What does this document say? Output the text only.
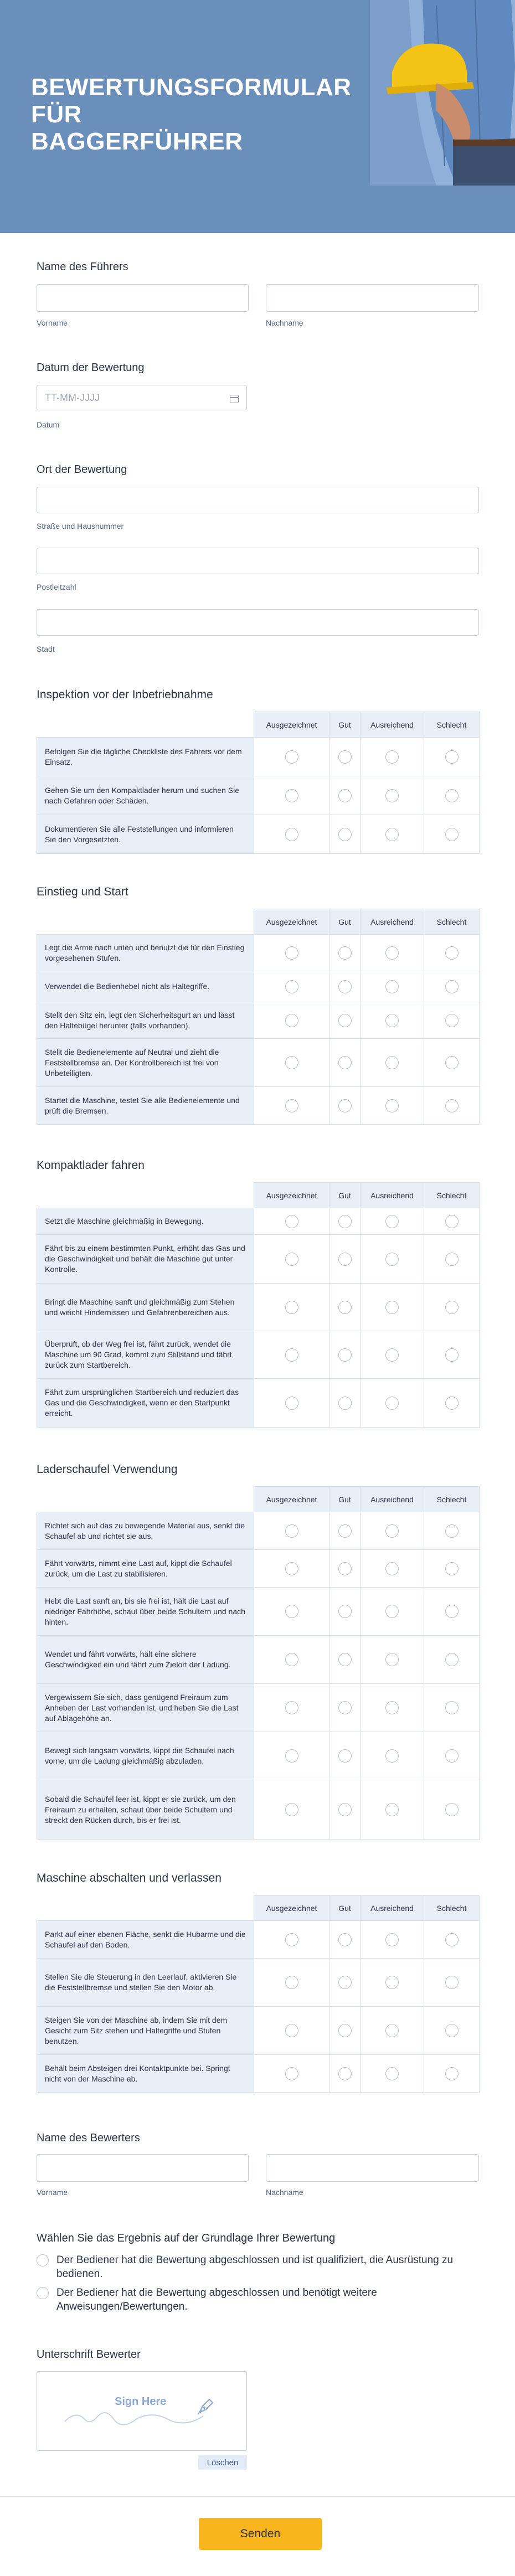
BEWERTUNGSFORMULAR FÜR BAGGERFÜHRER
Name des Führers
Vorname	Nachname
Datum der Bewertung
TT-MM-JJJJ
Datum
Ort der Bewertung
Straße und Hausnummer
Postleitzahl
Stadt
Inspektion vor der Inbetriebnahme
	Ausgezeichnet	Gut	Ausreichend	Schlecht
Befolgen Sie die tägliche Checkliste des Fahrers vor dem Einsatz.				
Gehen Sie um den Kompaktlader herum und suchen Sie nach Gefahren oder Schäden.				
Dokumentieren Sie alle Feststellungen und informieren Sie den Vorgesetzten.				
Einstieg und Start
	Ausgezeichnet	Gut	Ausreichend	Schlecht
Legt die Arme nach unten und benutzt die für den Einstieg vorgesehenen Stufen.				
Verwendet die Bedienhebel nicht als Haltegriffe.				
Stellt den Sitz ein, legt den Sicherheitsgurt an und lässt den Haltebügel herunter (falls vorhanden).				
Stellt die Bedienelemente auf Neutral und zieht die Feststellbremse an. Der Kontrollbereich ist frei von Unbeteiligten.				
Startet die Maschine, testet Sie alle Bedienelemente und prüft die Bremsen.				
Kompaktlader fahren
	Ausgezeichnet	Gut	Ausreichend	Schlecht
Setzt die Maschine gleichmäßig in Bewegung.				
Fährt bis zu einem bestimmten Punkt, erhöht das Gas und die Geschwindigkeit und behält die Maschine gut unter Kontrolle.				
Bringt die Maschine sanft und gleichmäßig zum Stehen und weicht Hindernissen und Gefahrenbereichen aus.				
Überprüft, ob der Weg frei ist, fährt zurück, wendet die Maschine um 90 Grad, kommt zum Stillstand und fährt zurück zum Startbereich.				
Fährt zum ursprünglichen Startbereich und reduziert das Gas und die Geschwindigkeit, wenn er den Startpunkt erreicht.				
Laderschaufel Verwendung
	Ausgezeichnet	Gut	Ausreichend	Schlecht
Richtet sich auf das zu bewegende Material aus, senkt die Schaufel ab und richtet sie aus.				
Fährt vorwärts, nimmt eine Last auf, kippt die Schaufel zurück, um die Last zu stabilisieren.				
Hebt die Last sanft an, bis sie frei ist, hält die Last auf niedriger Fahrhöhe, schaut über beide Schultern und nach hinten.				
Wendet und fährt vorwärts, hält eine sichere Geschwindigkeit ein und fährt zum Zielort der Ladung.				
Vergewissern Sie sich, dass genügend Freiraum zum Anheben der Last vorhanden ist, und heben Sie die Last auf Ablagehöhe an.				
Bewegt sich langsam vorwärts, kippt die Schaufel nach vorne, um die Ladung gleichmäßig abzuladen.				
Sobald die Schaufel leer ist, kippt er sie zurück, um den Freiraum zu erhalten, schaut über beide Schultern und streckt den Rücken durch, bis er frei ist.				
Maschine abschalten und verlassen
	Ausgezeichnet	Gut	Ausreichend	Schlecht
Parkt auf einer ebenen Fläche, senkt die Hubarme und die Schaufel auf den Boden.				
Stellen Sie die Steuerung in den Leerlauf, aktivieren Sie die Feststellbremse und stellen Sie den Motor ab.				
Steigen Sie von der Maschine ab, indem Sie mit dem Gesicht zum Sitz stehen und Haltegriffe und Stufen benutzen.				
Behält beim Absteigen drei Kontaktpunkte bei. Springt nicht von der Maschine ab.				
Name des Bewerters
Vorname	Nachname
Wählen Sie das Ergebnis auf der Grundlage Ihrer Bewertung
Der Bediener hat die Bewertung abgeschlossen und ist qualifiziert, die Ausrüstung zu bedienen.
Der Bediener hat die Bewertung abgeschlossen und benötigt weitere Anweisungen/Bewertungen.
Unterschrift Bewerter
Sign Here
Löschen
Senden
